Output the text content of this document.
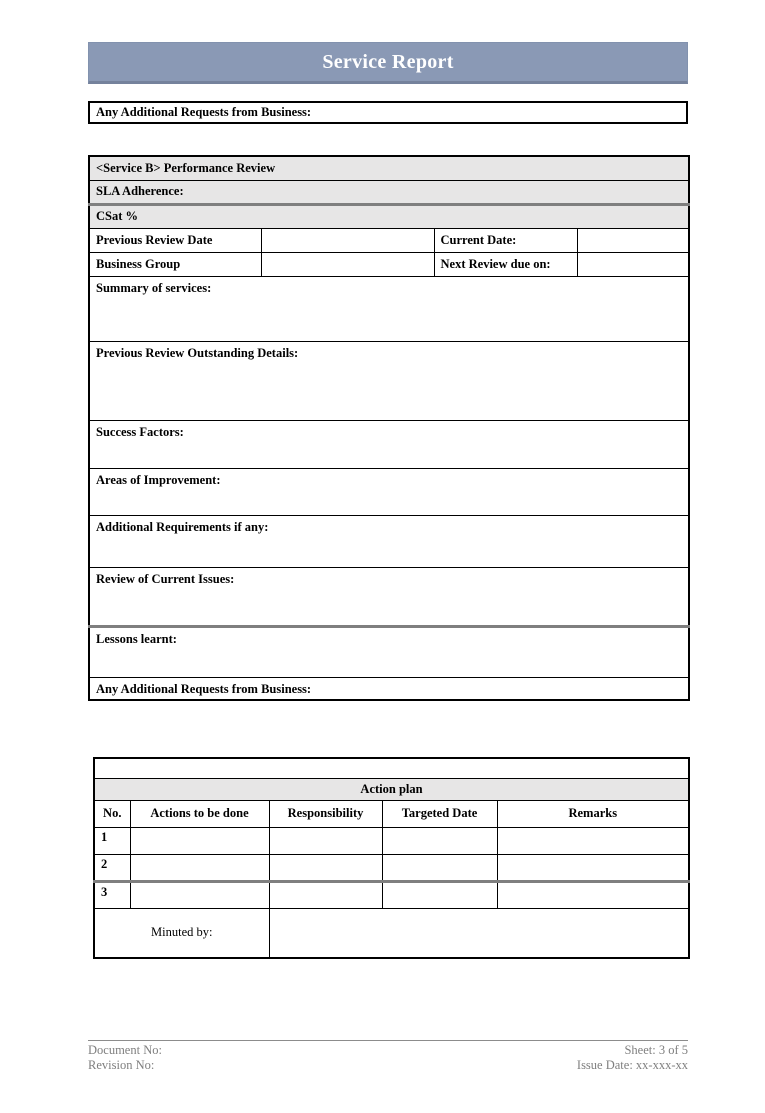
Service Report
Any Additional Requests from Business:
<Service B> Performance Review			
SLA Adherence:			
CSat %			
Previous Review Date		Current Date:	
Business Group		Next Review due on:	
Summary of services:			
Previous Review Outstanding Details:			
Success Factors:			
Areas of Improvement:			
Additional Requirements if any:			
Review of Current Issues:			
Lessons learnt:			
Any Additional Requests from Business:			

Action plan				
No.	Actions to be done	Responsibility	Targeted Date	Remarks
1				
2				
3				
Minuted by:				
Document No:
Revision No:
Sheet: 3 of 5
Issue Date: xx-xxx-xx
